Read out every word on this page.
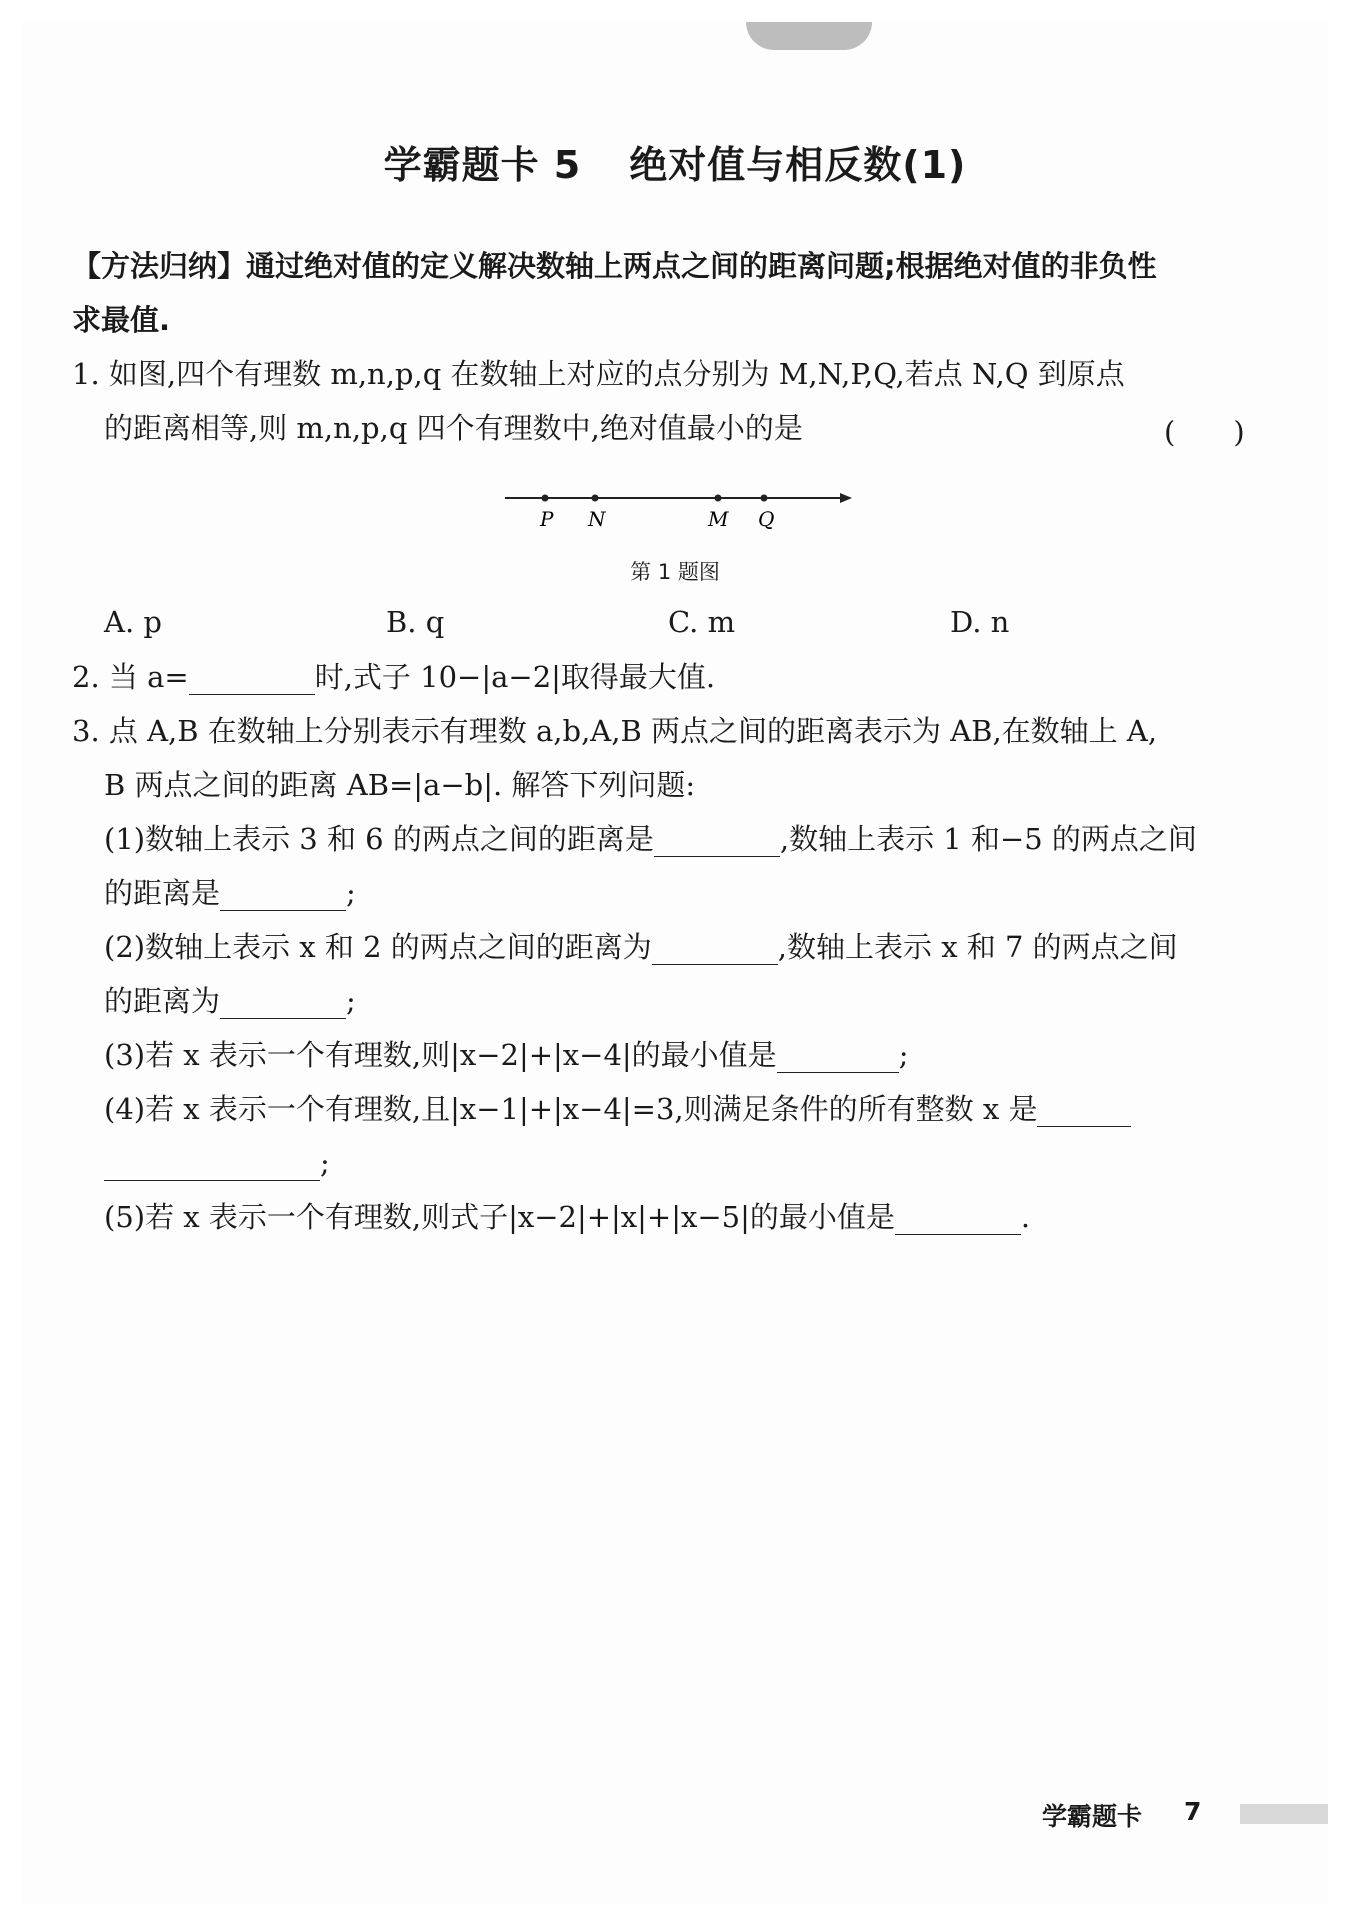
学霸题卡 5 绝对值与相反数(1)
【方法归纳】通过绝对值的定义解决数轴上两点之间的距离问题;根据绝对值的非负性
求最值.
1. 如图,四个有理数 m,n,p,q 在数轴上对应的点分别为 M,N,P,Q,若点 N,Q 到原点
的距离相等,则 m,n,p,q 四个有理数中,绝对值最小的是	(　　)
P N	M Q
第 1 题图
A. p	B. q	C. m	D. n
2. 当 a=	时,式子 10−|a−2|取得最大值.
3. 点 A,B 在数轴上分别表示有理数 a,b,A,B 两点之间的距离表示为 AB,在数轴上 A,
B 两点之间的距离 AB=|a−b|. 解答下列问题:
(1)数轴上表示 3 和 6 的两点之间的距离是	,数轴上表示 1 和−5 的两点之间
的距离是	;
(2)数轴上表示 x 和 2 的两点之间的距离为	,数轴上表示 x 和 7 的两点之间
的距离为	;
(3)若 x 表示一个有理数,则|x−2|+|x−4|的最小值是	;
(4)若 x 表示一个有理数,且|x−1|+|x−4|=3,则满足条件的所有整数 x 是
;
(5)若 x 表示一个有理数,则式子|x−2|+|x|+|x−5|的最小值是	.
学霸题卡 7
